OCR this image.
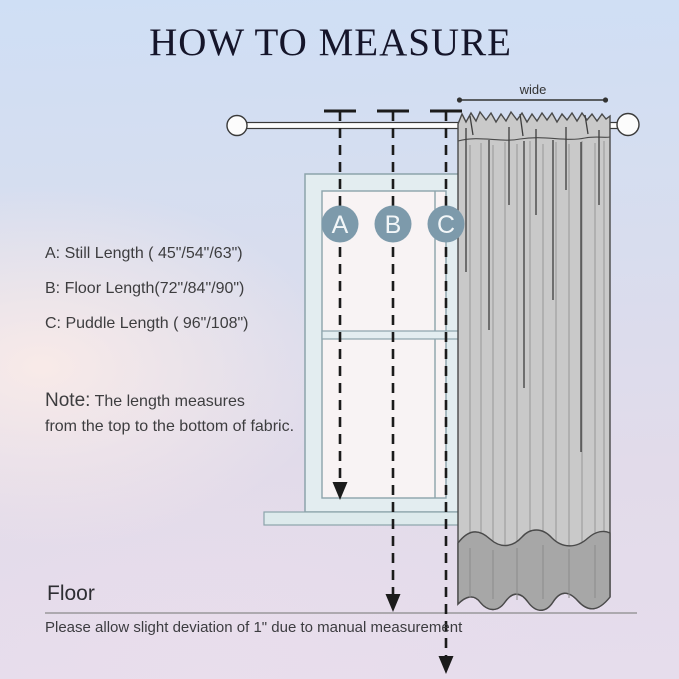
HOW TO MEASURE
wide
A B C
A: Still Length ( 45"/54"/63")
B: Floor Length(72"/84"/90")
C: Puddle Length ( 96"/108")
Note: The length measures
from the top to the bottom of fabric.
Floor
Please allow slight deviation of 1" due to manual measurement
